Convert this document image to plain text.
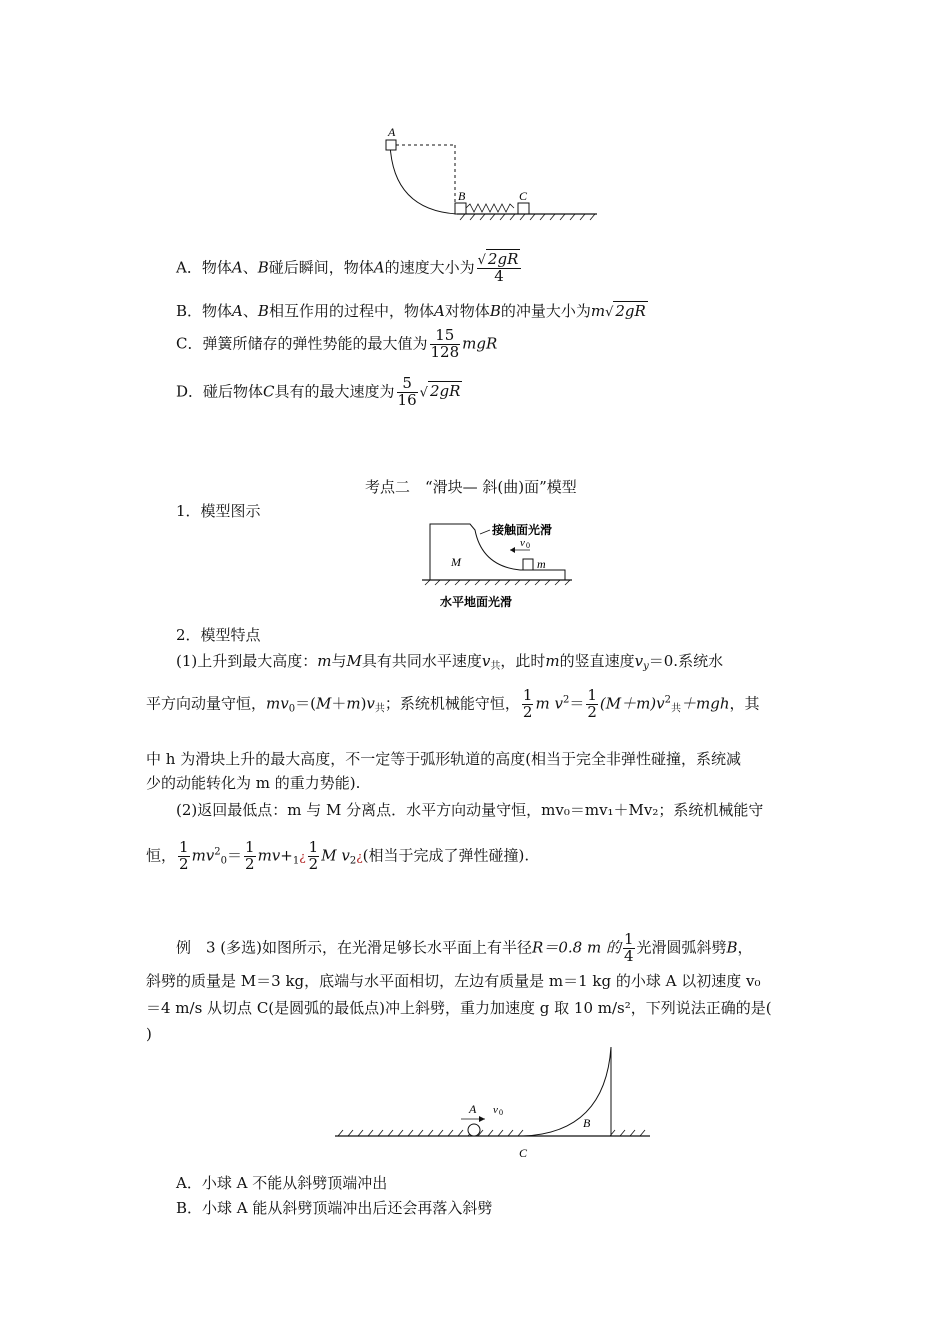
A
B	C
A．物体A、B碰后瞬间，物体A的速度大小为 $\frac{√ 2gR}{4}$
B．物体A、B相互作用的过程中，物体A对物体B的冲量大小为m√ 2gR
C．弹簧所储存的弹性势能的最大值为 $\frac{15}{128}$ mgR
D．碰后物体C具有的最大速度为 $\frac{5}{16}$ √ 2gR
考点二　“滑块— 斜(曲)面”模型
1．模型图示
接触面光滑
v 0
M	m
水平地面光滑
2．模型特点
(1)上升到最大高度：m与M具有共同水平速度$v_共$，此时m的竖直速度$v_y=0$.系统水
平方向动量守恒，$mv_0=(M+m)v_共$；系统机械能守恒， $\frac{1}{2}$ m $v^2= \frac{1}{2} (M+m)v^2_共+mgh$，其
中 h 为滑块上升的最大高度，不一定等于弧形轨道的高度(相当于完全非弹性碰撞，系统减
少的动能转化为 m 的重力势能).
(2)返回最低点：m 与 M 分离点．水平方向动量守恒，mv₀＝mv₁＋Mv₂；系统机械能守
恒， $\frac{1}{2} mv^2_0= \frac{1}{2}$ $mv+_1¿ \frac{1}{2}$ M $v_2¿$(相当于完成了弹性碰撞).
例　3 (多选)如图所示，在光滑足够长水平面上有半径R＝0.8 m 的 $\frac{1}{4}$ 光滑圆弧斜劈B，
斜劈的质量是 M＝3 kg，底端与水平面相切，左边有质量是 m＝1 kg 的小球 A 以初速度 v₀
＝4 m/s 从切点 C(是圆弧的最低点)冲上斜劈，重力加速度 g 取 10 m/s²，下列说法正确的是(
)
A v 0
B
C
A．小球 A 不能从斜劈顶端冲出
B．小球 A 能从斜劈顶端冲出后还会再落入斜劈
